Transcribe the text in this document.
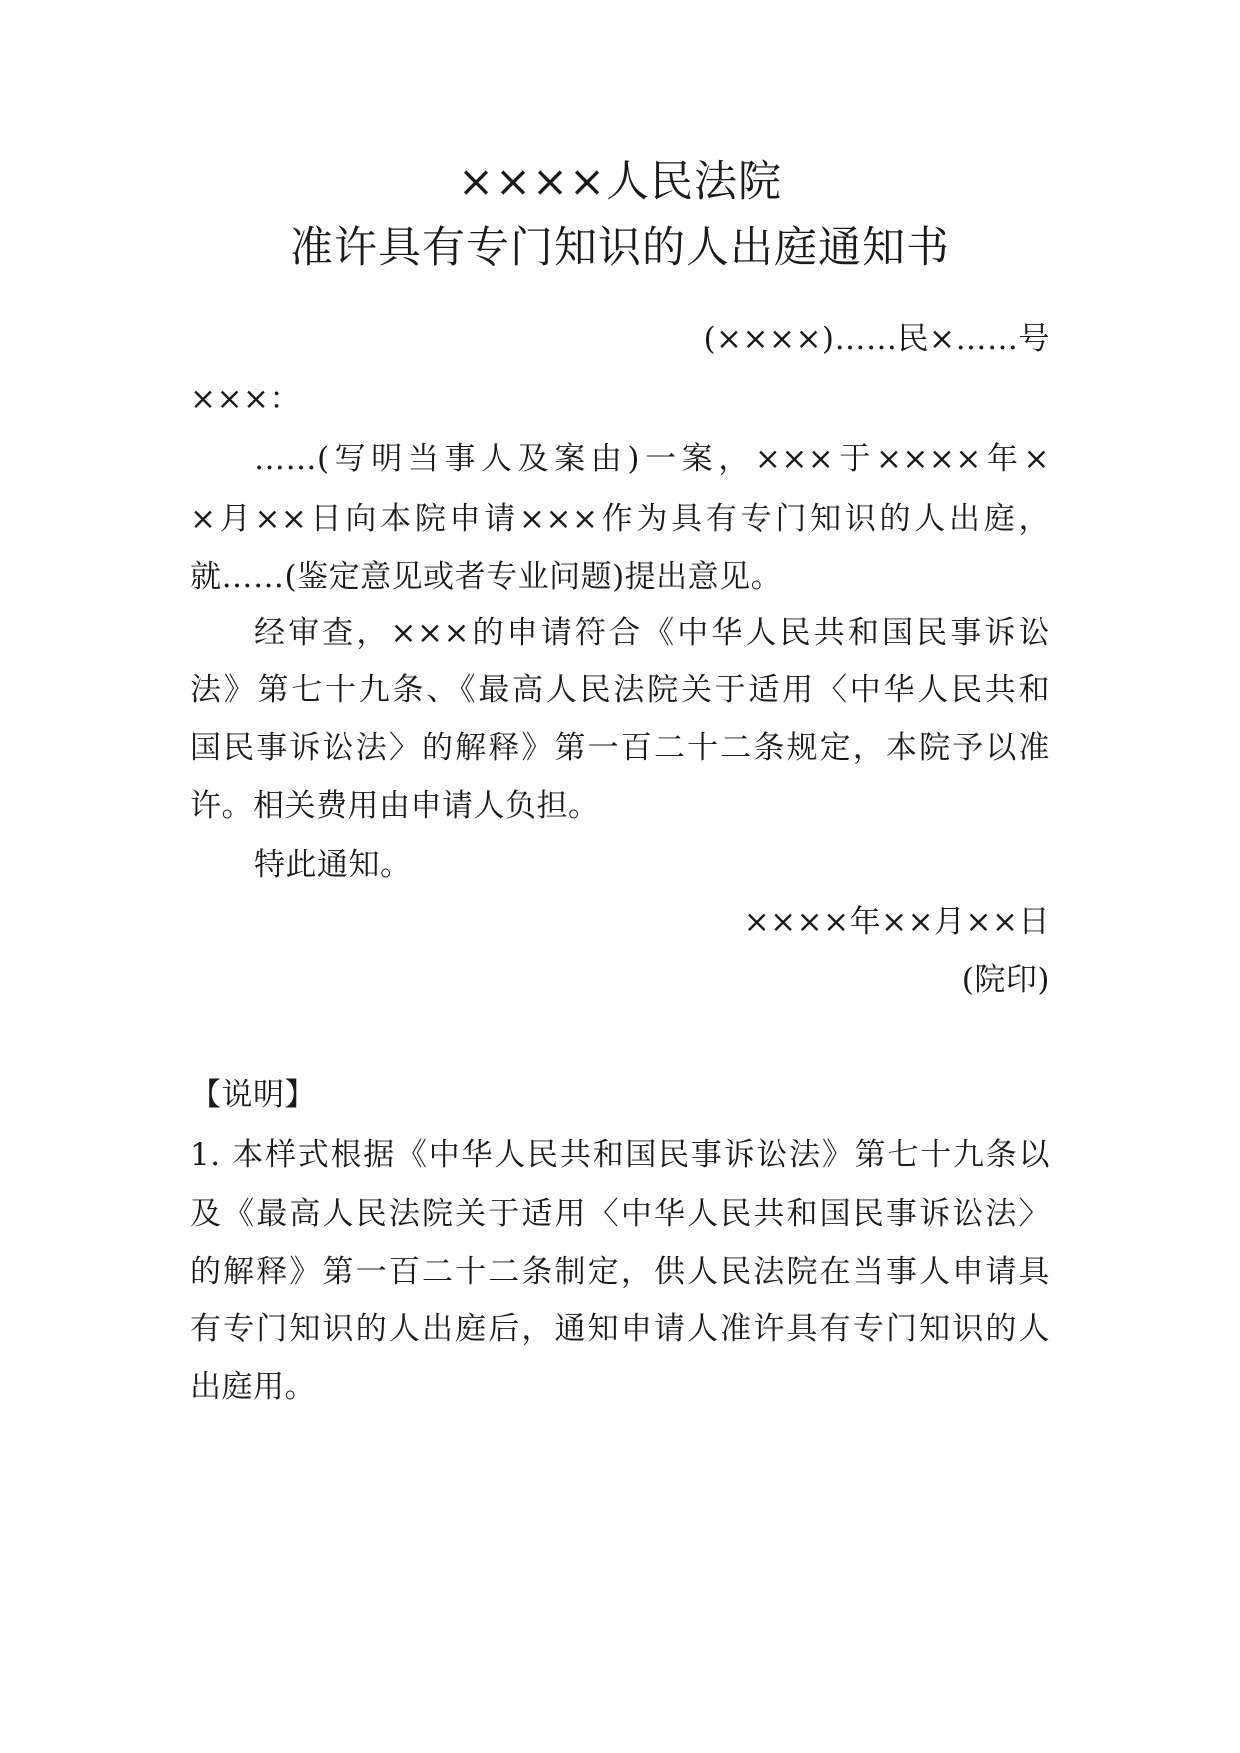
××××人民法院
准许具有专门知识的人出庭通知书
(××××)……民×……号
×××：
……(写明当事人及案由)一案，×××于××××年×
×月××日向本院申请×××作为具有专门知识的人出庭，
就……(鉴定意见或者专业问题)提出意见。
经审查，×××的申请符合《中华人民共和国民事诉讼
法》第七十九条、《最高人民法院关于适用〈中华人民共和
国民事诉讼法〉的解释》第一百二十二条规定，本院予以准
许。相关费用由申请人负担。
特此通知。
××××年××月××日
(院印)
【说明】
1. 本样式根据《中华人民共和国民事诉讼法》第七十九条以
及《最高人民法院关于适用〈中华人民共和国民事诉讼法〉
的解释》第一百二十二条制定，供人民法院在当事人申请具
有专门知识的人出庭后，通知申请人准许具有专门知识的人
出庭用。
